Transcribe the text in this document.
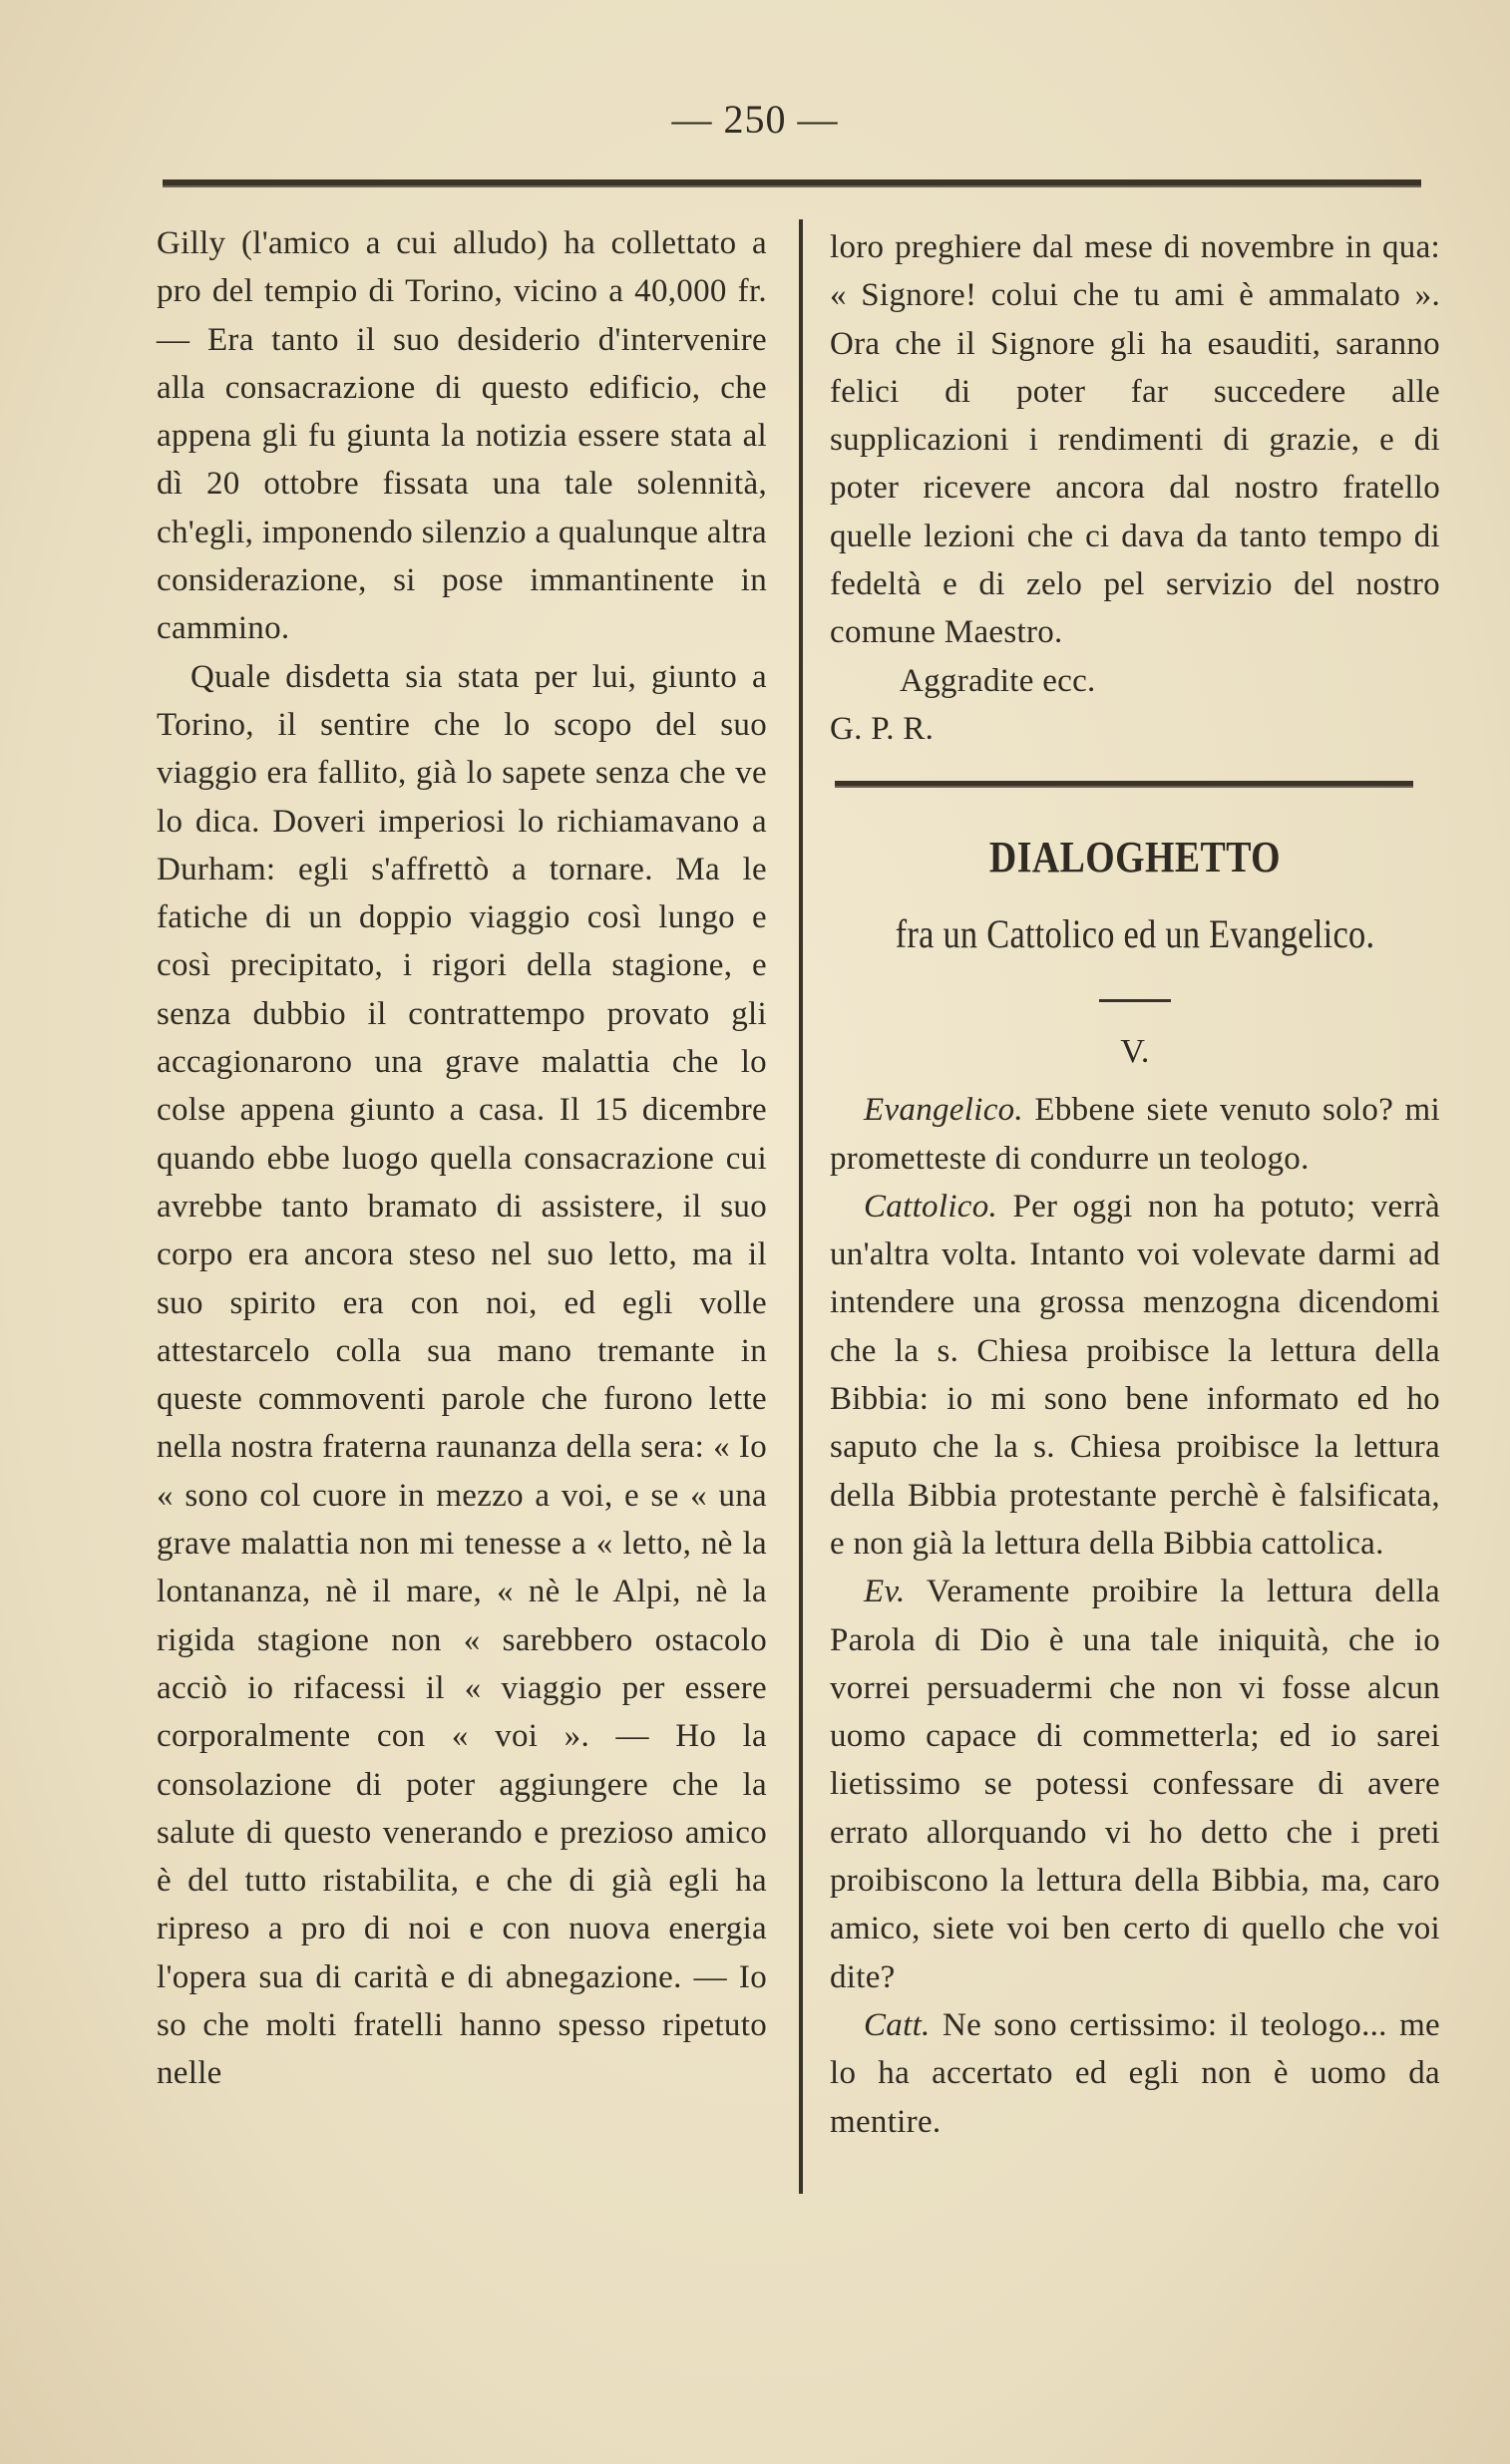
— 250 —

Gilly (l'amico a cui alludo) ha collettato a pro del tempio di Torino, vicino a 40,000 fr. — Era tanto il suo desiderio d'intervenire alla consacrazione di questo edificio, che appena gli fu giunta la notizia essere stata al dì 20 ottobre fissata una tale solennità, ch'egli, imponendo silenzio a qualunque altra considerazione, si pose immantinente in cammino.

Quale disdetta sia stata per lui, giunto a Torino, il sentire che lo scopo del suo viaggio era fallito, già lo sapete senza che ve lo dica. Doveri imperiosi lo richiamavano a Durham: egli s'affrettò a tornare. Ma le fatiche di un doppio viaggio così lungo e così precipitato, i rigori della stagione, e senza dubbio il contrattempo provato gli accagionarono una grave malattia che lo colse appena giunto a casa. Il 15 dicembre quando ebbe luogo quella consacrazione cui avrebbe tanto bramato di assistere, il suo corpo era ancora steso nel suo letto, ma il suo spirito era con noi, ed egli volle attestarcelo colla sua mano tremante in queste commoventi parole che furono lette nella nostra fraterna raunanza della sera: « Io « sono col cuore in mezzo a voi, e se « una grave malattia non mi tenesse a « letto, nè la lontananza, nè il mare, « nè le Alpi, nè la rigida stagione non « sarebbero ostacolo acciò io rifacessi il « viaggio per essere corporalmente con « voi ». — Ho la consolazione di poter aggiungere che la salute di questo venerando e prezioso amico è del tutto ristabilita, e che di già egli ha ripreso a pro di noi e con nuova energia l'opera sua di carità e di abnegazione. — Io so che molti fratelli hanno spesso ripetuto nelle

loro preghiere dal mese di novembre in qua: « Signore! colui che tu ami è ammalato ». Ora che il Signore gli ha esauditi, saranno felici di poter far succedere alle supplicazioni i rendimenti di grazie, e di poter ricevere ancora dal nostro fratello quelle lezioni che ci dava da tanto tempo di fedeltà e di zelo pel servizio del nostro comune Maestro.

Aggradite ecc.

G. P. R.

DIALOGHETTO
fra un Cattolico ed un Evangelico.
V.

Evangelico. Ebbene siete venuto solo? mi prometteste di condurre un teologo.

Cattolico. Per oggi non ha potuto; verrà un'altra volta. Intanto voi volevate darmi ad intendere una grossa menzogna dicendomi che la s. Chiesa proibisce la lettura della Bibbia: io mi sono bene informato ed ho saputo che la s. Chiesa proibisce la lettura della Bibbia protestante perchè è falsificata, e non già la lettura della Bibbia cattolica.

Ev. Veramente proibire la lettura della Parola di Dio è una tale iniquità, che io vorrei persuadermi che non vi fosse alcun uomo capace di commetterla; ed io sarei lietissimo se potessi confessare di avere errato allorquando vi ho detto che i preti proibiscono la lettura della Bibbia, ma, caro amico, siete voi ben certo di quello che voi dite?

Catt. Ne sono certissimo: il teologo... me lo ha accertato ed egli non è uomo da mentire.
